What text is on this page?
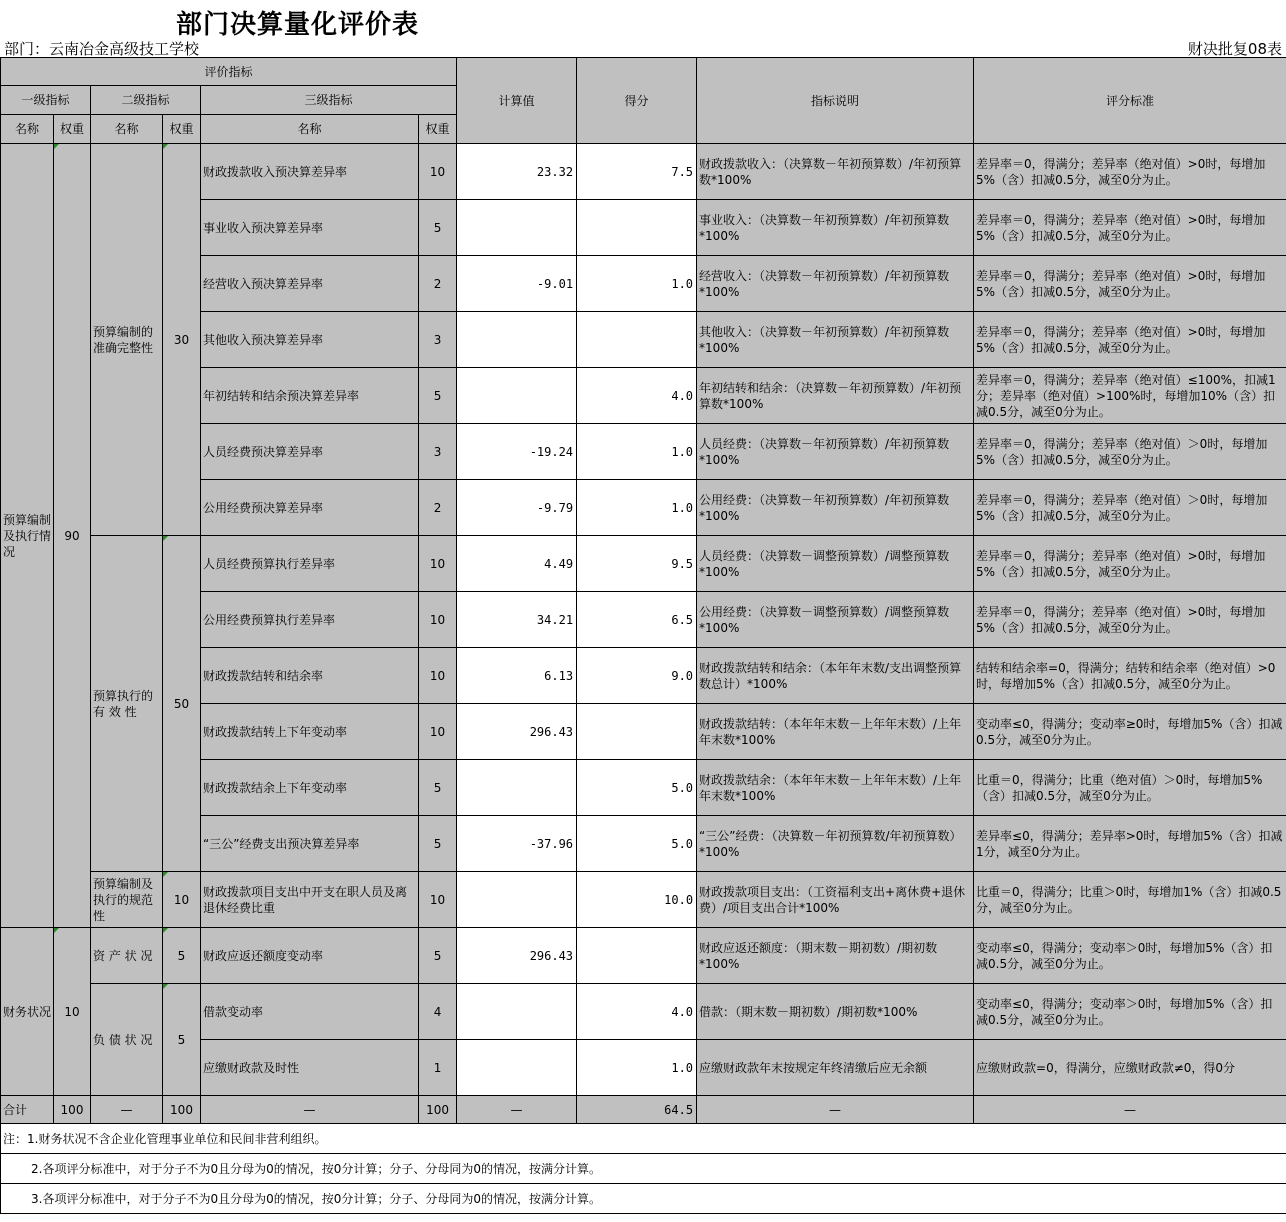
部门决算量化评价表
部门：云南冶金高级技工学校	财决批复08表
评价指标						计算值	得分	指标说明	评分标准
一级指标		二级指标		三级指标					
名称	权重	名称	权重	名称	权重				
预算编制及执行情况	90	预算编制的准确完整性	30	财政拨款收入预决算差异率	10	23.32	7.5	财政拨款收入：（决算数－年初预算数）/年初预算数*100%	差异率＝0，得满分；差异率（绝对值）>0时，每增加5%（含）扣减0.5分，减至0分为止。
				事业收入预决算差异率	5			事业收入：（决算数－年初预算数）/年初预算数*100%	差异率＝0，得满分；差异率（绝对值）>0时，每增加5%（含）扣减0.5分，减至0分为止。
				经营收入预决算差异率	2	-9.01	1.0	经营收入：（决算数－年初预算数）/年初预算数*100%	差异率＝0，得满分；差异率（绝对值）>0时，每增加5%（含）扣减0.5分，减至0分为止。
				其他收入预决算差异率	3			其他收入：（决算数－年初预算数）/年初预算数*100%	差异率＝0，得满分；差异率（绝对值）>0时，每增加5%（含）扣减0.5分，减至0分为止。
				年初结转和结余预决算差异率	5		4.0	年初结转和结余：（决算数－年初预算数）/年初预算数*100%	差异率＝0，得满分；差异率（绝对值）≤100%，扣减1分；差异率（绝对值）>100%时，每增加10%（含）扣减0.5分，减至0分为止。
				人员经费预决算差异率	3	-19.24	1.0	人员经费：（决算数－年初预算数）/年初预算数*100%	差异率＝0，得满分；差异率（绝对值）＞0时，每增加5%（含）扣减0.5分，减至0分为止。
				公用经费预决算差异率	2	-9.79	1.0	公用经费：（决算数－年初预算数）/年初预算数*100%	差异率＝0，得满分；差异率（绝对值）＞0时，每增加5%（含）扣减0.5分，减至0分为止。
		预算执行的有 效 性	50	人员经费预算执行差异率	10	4.49	9.5	人员经费：（决算数－调整预算数）/调整预算数*100%	差异率＝0，得满分；差异率（绝对值）>0时，每增加5%（含）扣减0.5分，减至0分为止。
				公用经费预算执行差异率	10	34.21	6.5	公用经费：（决算数－调整预算数）/调整预算数*100%	差异率＝0，得满分；差异率（绝对值）>0时，每增加5%（含）扣减0.5分，减至0分为止。
				财政拨款结转和结余率	10	6.13	9.0	财政拨款结转和结余：（本年年末数/支出调整预算数总计）*100%	结转和结余率=0，得满分；结转和结余率（绝对值）>0时，每增加5%（含）扣减0.5分，减至0分为止。
				财政拨款结转上下年变动率	10	296.43		财政拨款结转：（本年年末数－上年年末数）/上年年末数*100%	变动率≤0，得满分；变动率≥0时，每增加5%（含）扣减0.5分，减至0分为止。
				财政拨款结余上下年变动率	5		5.0	财政拨款结余：（本年年末数－上年年末数）/上年年末数*100%	比重＝0，得满分；比重（绝对值）＞0时，每增加5%（含）扣减0.5分，减至0分为止。
				“三公”经费支出预决算差异率	5	-37.96	5.0	“三公”经费：（决算数－年初预算数/年初预算数）*100%	差异率≤0，得满分；差异率>0时，每增加5%（含）扣减1分，减至0分为止。
		预算编制及执行的规范性	10	财政拨款项目支出中开支在职人员及离退休经费比重	10		10.0	财政拨款项目支出：（工资福利支出+离休费+退休费）/项目支出合计*100%	比重＝0，得满分；比重＞0时，每增加1%（含）扣减0.5分，减至0分为止。
财务状况	10	资 产 状 况	5	财政应返还额度变动率	5	296.43		财政应返还额度：（期末数－期初数）/期初数*100%	变动率≤0，得满分；变动率＞0时，每增加5%（含）扣减0.5分，减至0分为止。
		负 债 状 况	5	借款变动率	4		4.0	借款：（期末数－期初数）/期初数*100%	变动率≤0，得满分；变动率＞0时，每增加5%（含）扣减0.5分，减至0分为止。
				应缴财政款及时性	1		1.0	应缴财政款年末按规定年终清缴后应无余额	应缴财政款=0，得满分，应缴财政款≠0，得0分
合计	100	—	100	—	100	—	64.5	—	—
注：1.财务状况不含企业化管理事业单位和民间非营利组织。									
2.各项评分标准中，对于分子不为0且分母为0的情况，按0分计算；分子、分母同为0的情况，按满分计算。									
3.各项评分标准中，对于分子不为0且分母为0的情况，按0分计算；分子、分母同为0的情况，按满分计算。									
